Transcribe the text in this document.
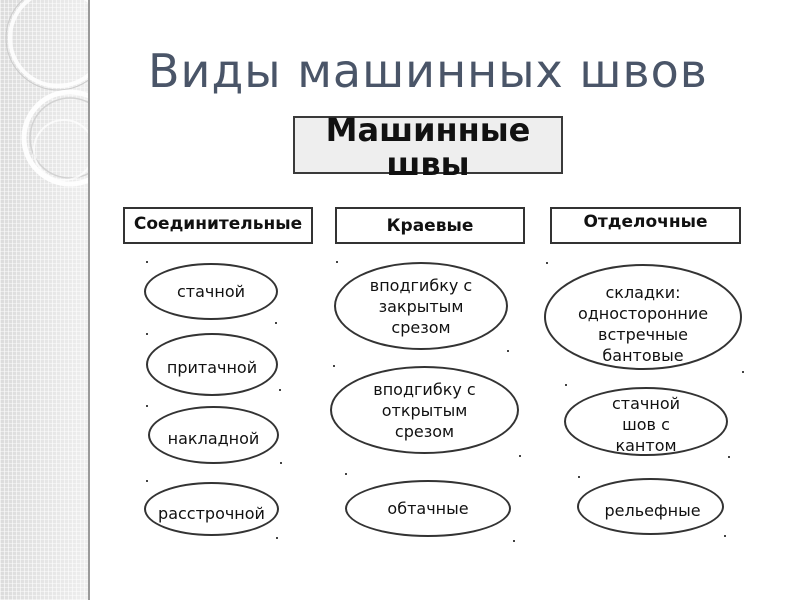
Виды машинных швов
Машинные швы
Соединительные	Краевые	Отделочные
стачной
притачной
накладной
расстрочной
вподгибку с закрытым срезом
вподгибку с открытым срезом
обтачные
складки: односторонние встречные бантовые
стачной шов с кантом
рельефные
